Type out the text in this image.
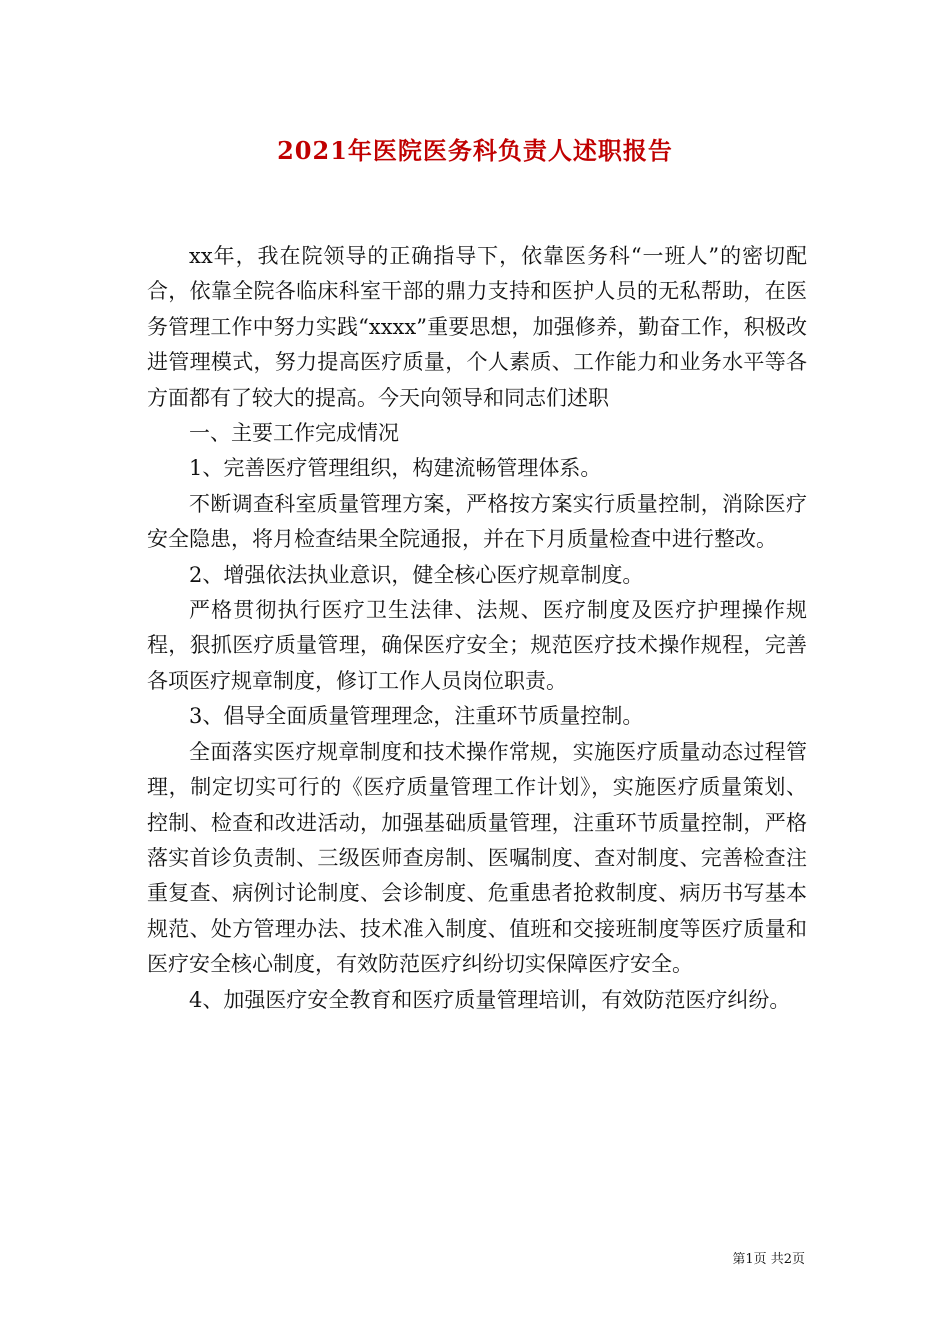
2021年医院医务科负责人述职报告

xx年，我在院领导的正确指导下，依靠医务科“一班人”的密切配合，依靠全院各临床科室干部的鼎力支持和医护人员的无私帮助，在医务管理工作中努力实践“xxxx”重要思想，加强修养，勤奋工作，积极改进管理模式，努力提高医疗质量，个人素质、工作能力和业务水平等各方面都有了较大的提高。今天向领导和同志们述职

一、主要工作完成情况

1、完善医疗管理组织，构建流畅管理体系。

不断调查科室质量管理方案，严格按方案实行质量控制，消除医疗安全隐患，将月检查结果全院通报，并在下月质量检查中进行整改。

2、增强依法执业意识，健全核心医疗规章制度。

严格贯彻执行医疗卫生法律、法规、医疗制度及医疗护理操作规程，狠抓医疗质量管理，确保医疗安全；规范医疗技术操作规程，完善各项医疗规章制度，修订工作人员岗位职责。

3、倡导全面质量管理理念，注重环节质量控制。

全面落实医疗规章制度和技术操作常规，实施医疗质量动态过程管理，制定切实可行的《医疗质量管理工作计划》，实施医疗质量策划、控制、检查和改进活动，加强基础质量管理，注重环节质量控制，严格落实首诊负责制、三级医师查房制、医嘱制度、查对制度、完善检查注重复查、病例讨论制度、会诊制度、危重患者抢救制度、病历书写基本规范、处方管理办法、技术准入制度、值班和交接班制度等医疗质量和医疗安全核心制度，有效防范医疗纠纷切实保障医疗安全。

4、加强医疗安全教育和医疗质量管理培训，有效防范医疗纠纷。

第1页 共2页
